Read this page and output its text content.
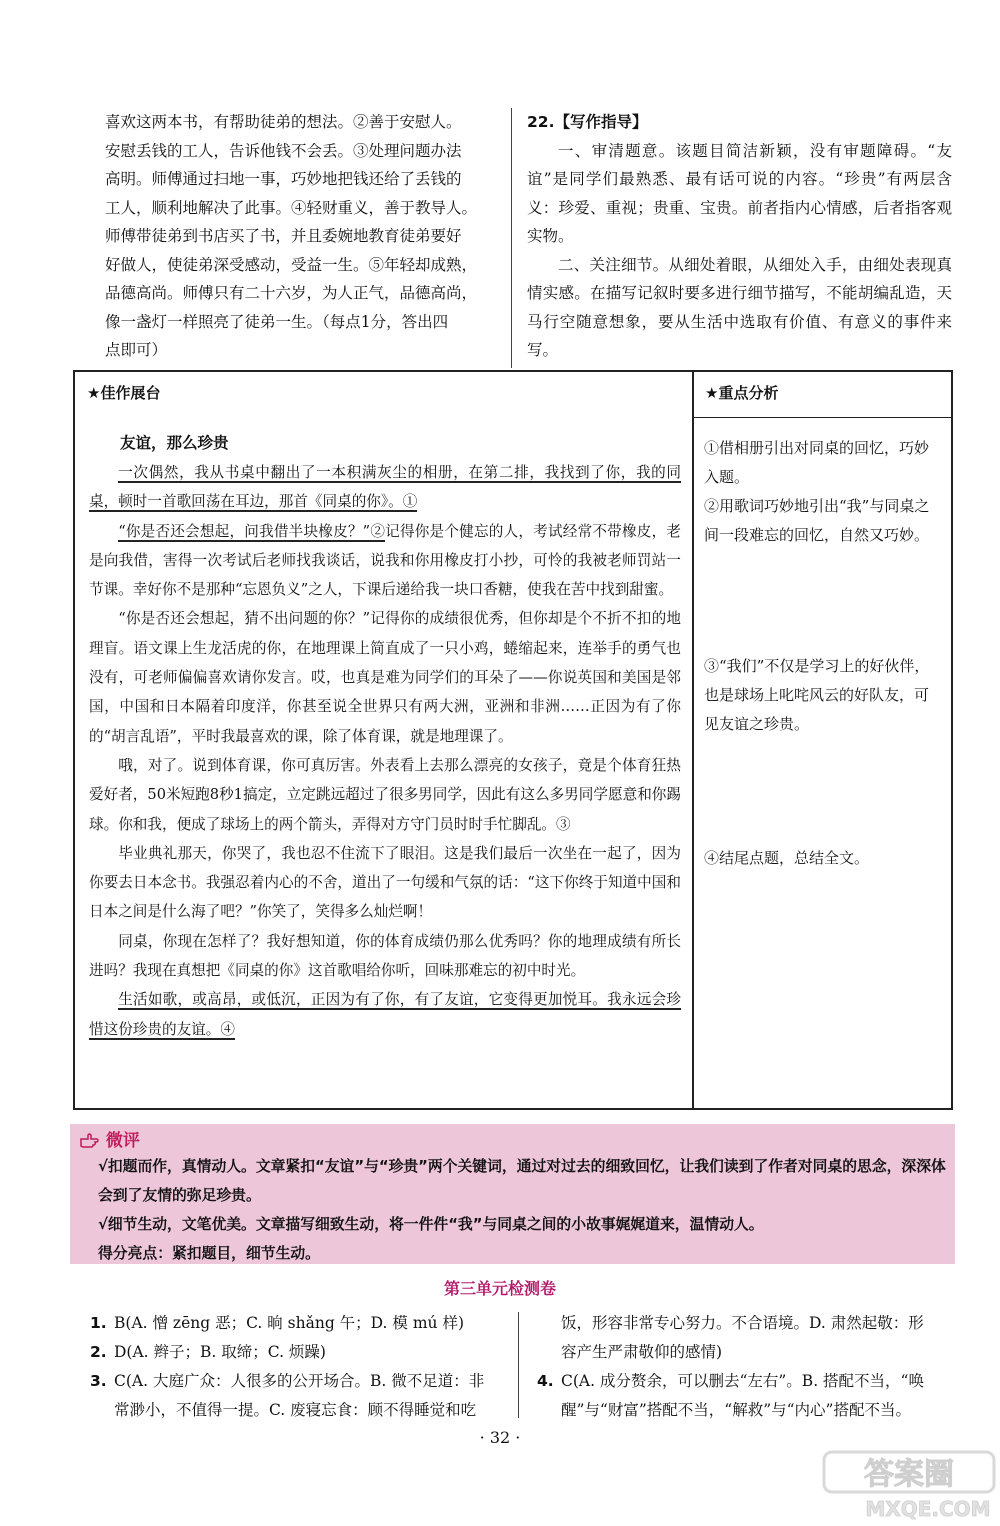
喜欢这两本书，有帮助徒弟的想法。②善于安慰人。

安慰丢钱的工人，告诉他钱不会丢。③处理问题办法

高明。师傅通过扫地一事，巧妙地把钱还给了丢钱的

工人，顺利地解决了此事。④轻财重义，善于教导人。

师傅带徒弟到书店买了书，并且委婉地教育徒弟要好

好做人，使徒弟深受感动，受益一生。⑤年轻却成熟，

品德高尚。师傅只有二十六岁，为人正气，品德高尚，

像一盏灯一样照亮了徒弟一生。（每点1分，答出四

点即可）

22.【写作指导】

一、审清题意。该题目简洁新颖，没有审题障碍。“友谊”是同学们最熟悉、最有话可说的内容。“珍贵”有两层含义：珍爱、重视；贵重、宝贵。前者指内心情感，后者指客观实物。

二、关注细节。从细处着眼，从细处入手，由细处表现真情实感。在描写记叙时要多进行细节描写，不能胡编乱造，天马行空随意想象，要从生活中选取有价值、有意义的事件来写。

★佳作展台	★重点分析

友谊，那么珍贵

一次偶然，我从书桌中翻出了一本积满灰尘的相册，在第二排，我找到了你，我的同桌，顿时一首歌回荡在耳边，那首《同桌的你》。①

“你是否还会想起，问我借半块橡皮？”②记得你是个健忘的人，考试经常不带橡皮，老是向我借，害得一次考试后老师找我谈话，说我和你用橡皮打小抄，可怜的我被老师罚站一节课。幸好你不是那种“忘恩负义”之人，下课后递给我一块口香糖，使我在苦中找到甜蜜。

“你是否还会想起，猜不出问题的你？”记得你的成绩很优秀，但你却是个不折不扣的地理盲。语文课上生龙活虎的你，在地理课上简直成了一只小鸡，蜷缩起来，连举手的勇气也没有，可老师偏偏喜欢请你发言。哎，也真是难为同学们的耳朵了——你说英国和美国是邻国，中国和日本隔着印度洋，你甚至说全世界只有两大洲，亚洲和非洲……正因为有了你的“胡言乱语”，平时我最喜欢的课，除了体育课，就是地理课了。

哦，对了。说到体育课，你可真厉害。外表看上去那么漂亮的女孩子，竟是个体育狂热爱好者，50米短跑8秒1搞定，立定跳远超过了很多男同学，因此有这么多男同学愿意和你踢球。你和我，便成了球场上的两个箭头，弄得对方守门员时时手忙脚乱。③

毕业典礼那天，你哭了，我也忍不住流下了眼泪。这是我们最后一次坐在一起了，因为你要去日本念书。我强忍着内心的不舍，道出了一句缓和气氛的话：“这下你终于知道中国和日本之间是什么海了吧？”你笑了，笑得多么灿烂啊！

同桌，你现在怎样了？我好想知道，你的体育成绩仍那么优秀吗？你的地理成绩有所长进吗？我现在真想把《同桌的你》这首歌唱给你听，回味那难忘的初中时光。

生活如歌，或高昂，或低沉，正因为有了你，有了友谊，它变得更加悦耳。我永远会珍惜这份珍贵的友谊。④

①借相册引出对同桌的回忆，巧妙入题。

②用歌词巧妙地引出“我”与同桌之间一段难忘的回忆，自然又巧妙。

③“我们”不仅是学习上的好伙伴，也是球场上叱咤风云的好队友，可见友谊之珍贵。

④结尾点题，总结全文。

微评

√扣题而作，真情动人。文章紧扣“友谊”与“珍贵”两个关键词，通过对过去的细致回忆，让我们读到了作者对同桌的思念，深深体会到了友情的弥足珍贵。

√细节生动，文笔优美。文章描写细致生动，将一件件“我”与同桌之间的小故事娓娓道来，温情动人。

得分亮点：紧扣题目，细节生动。

第三单元检测卷

1. B(A. 憎 zēng 恶；C. 晌 shǎng 午；D. 模 mú 样)

2. D(A. 辫子；B. 取缔；C. 烦躁)

3. C(A. 大庭广众：人很多的公开场合。B. 微不足道：非

常渺小，不值得一提。C. 废寝忘食：顾不得睡觉和吃

饭，形容非常专心努力。不合语境。D. 肃然起敬：形

容产生严肃敬仰的感情)

4. C(A. 成分赘余，可以删去“左右”。B. 搭配不当，“唤

醒”与“财富”搭配不当，“解救”与“内心”搭配不当。

· 32 ·
答案圈
MXQE.COM
